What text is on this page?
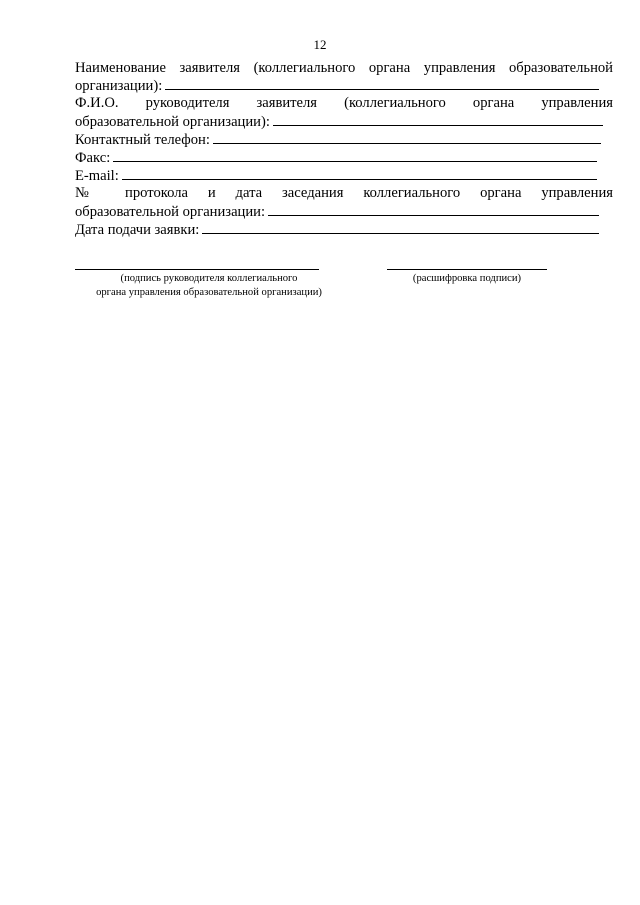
12
Наименование заявителя (коллегиального органа управления образовательной
организации):
Ф.И.О. руководителя заявителя (коллегиального органа управления
образовательной организации):
Контактный телефон:
Факс:
E-mail:
№ протокола и дата заседания коллегиального органа управления
образовательной организации:
Дата подачи заявки:
(подпись руководителя коллегиального
органа управления образовательной организации)
(расшифровка подписи)
